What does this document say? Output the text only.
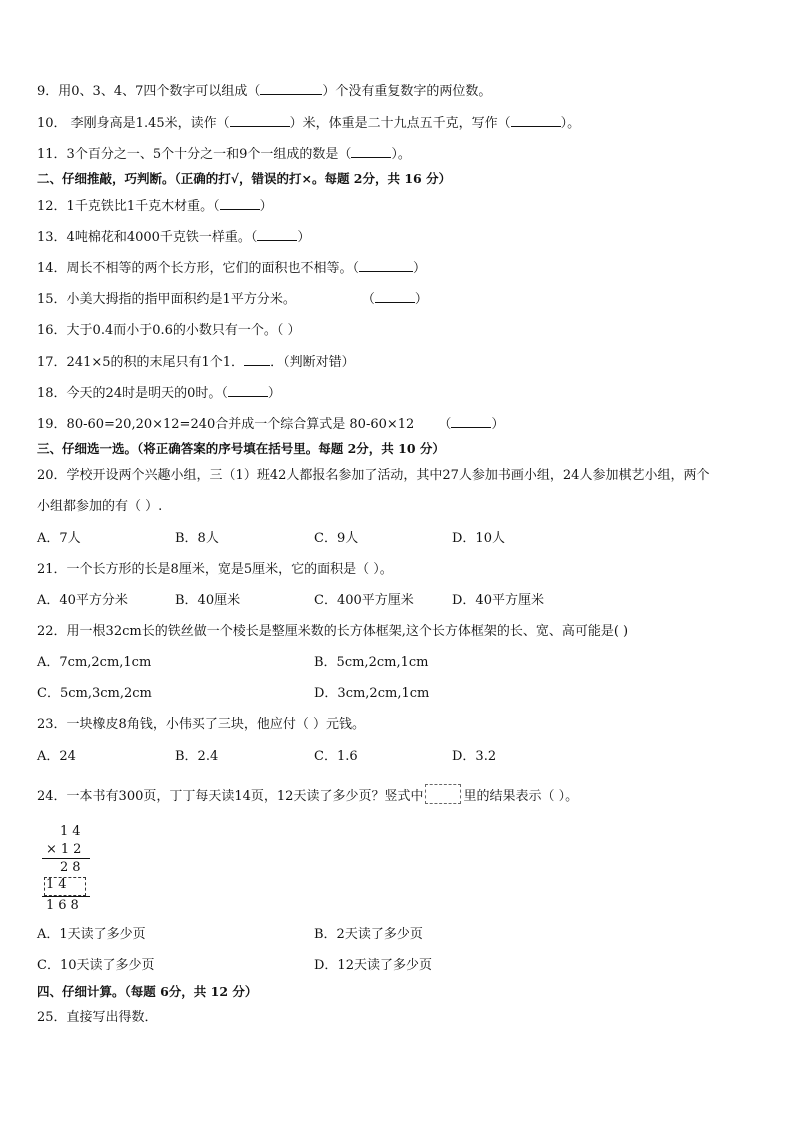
9．用0、3、4、7四个数字可以组成（	）个没有重复数字的两位数。
10． 李刚身高是1.45米，读作（	）米，体重是二十九点五千克，写作（	）。
11．3个百分之一、5个十分之一和9个一组成的数是（	）。
二、仔细推敲，巧判断。（正确的打√，错误的打×。每题 2分，共 16 分）
12．1千克铁比1千克木材重。（	）
13．4吨棉花和4000千克铁一样重。（	）
14．周长不相等的两个长方形，它们的面积也不相等。（	）
15．小美大拇指的指甲面积约是1平方分米。	（	）
16．大于0.4而小于0.6的小数只有一个。（ ）
17．241×5的积的末尾只有1个1． ．（判断对错）
18．今天的24时是明天的0时。（	）
19．80-60=20,20×12=240合并成一个综合算式是 80-60×12 （	）
三、仔细选一选。（将正确答案的序号填在括号里。每题 2分，共 10 分）
20．学校开设两个兴趣小组，三（1）班42人都报名参加了活动，其中27人参加书画小组，24人参加棋艺小组，两个
小组都参加的有（ ）.
A．7人	B．8人	C．9人	D．10人
21．一个长方形的长是8厘米，宽是5厘米，它的面积是（ ）。
A．40平方分米	B．40厘米	C．400平方厘米	D．40平方厘米
22．用一根32cm长的铁丝做一个棱长是整厘米数的长方体框架,这个长方体框架的长、宽、高可能是( )
A．7cm,2cm,1cm	B．5cm,2cm,1cm
C．5cm,3cm,2cm	D．3cm,2cm,1cm
23．一块橡皮8角钱，小伟买了三块，他应付（ ）元钱。
A．24	B．2.4	C．1.6	D．3.2
24．一本书有300页，丁丁每天读14页，12天读了多少页？竖式中	里的结果表示（ ）。
14
×12
28
14
168
A．1天读了多少页	B．2天读了多少页
C．10天读了多少页	D．12天读了多少页
四、仔细计算。（每题 6分，共 12 分）
25．直接写出得数．
